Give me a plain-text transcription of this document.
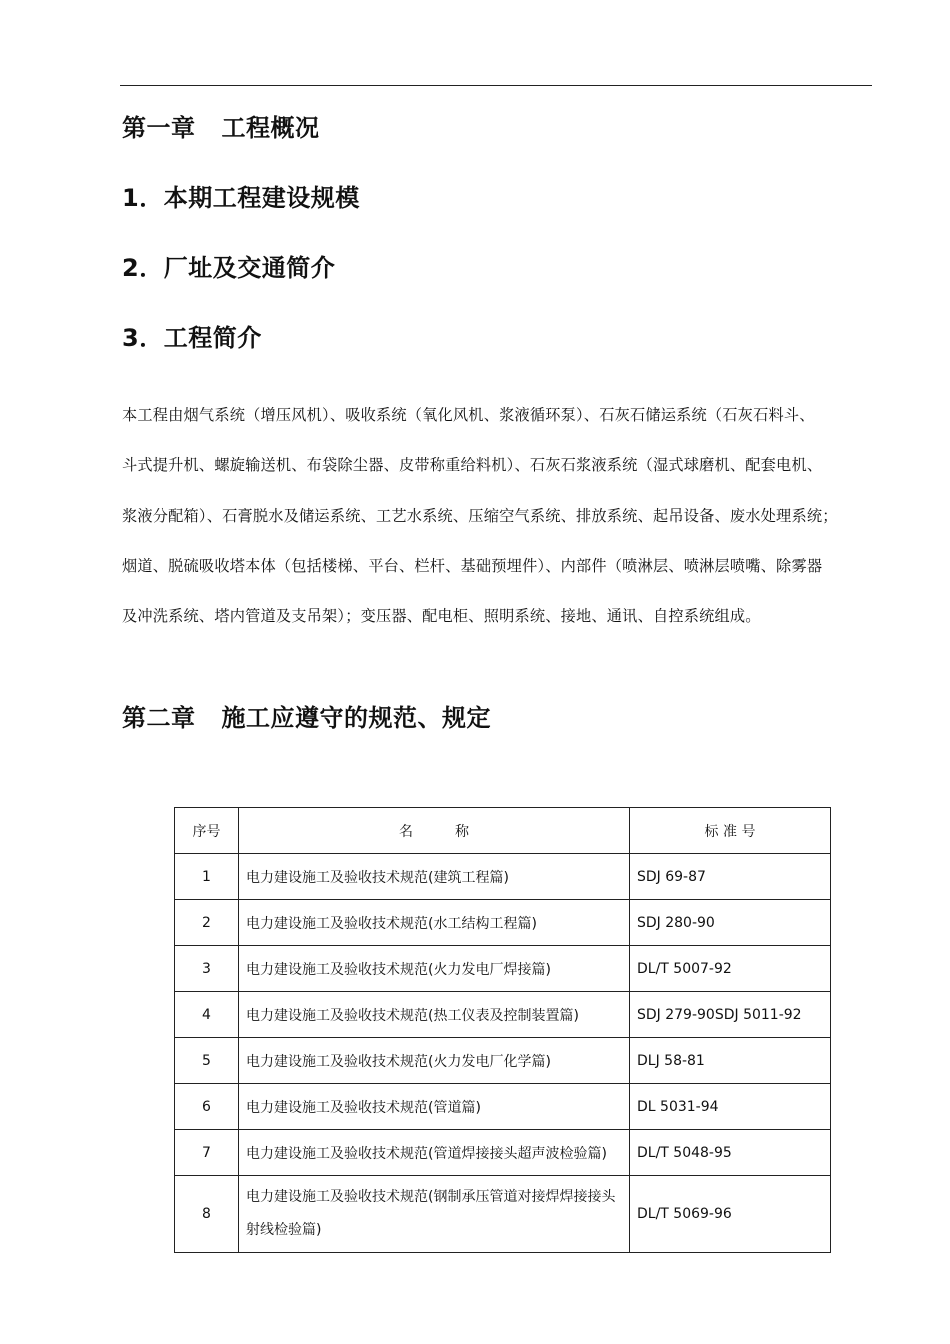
第一章 工程概况
1．本期工程建设规模
2．厂址及交通简介
3．工程简介

本工程由烟气系统（增压风机）、吸收系统（氧化风机、浆液循环泵）、石灰石储运系统（石灰石料斗、

斗式提升机、螺旋输送机、布袋除尘器、皮带称重给料机）、石灰石浆液系统（湿式球磨机、配套电机、

浆液分配箱）、石膏脱水及储运系统、工艺水系统、压缩空气系统、排放系统、起吊设备、废水处理系统；

烟道、脱硫吸收塔本体（包括楼梯、平台、栏杆、基础预埋件）、内部件（喷淋层、喷淋层喷嘴、除雾器

及冲洗系统、塔内管道及支吊架）；变压器、配电柜、照明系统、接地、通讯、自控系统组成。

第二章 施工应遵守的规范、规定
序号	名　　　称	标 准 号
1	电力建设施工及验收技术规范(建筑工程篇)	SDJ 69-87
2	电力建设施工及验收技术规范(水工结构工程篇)	SDJ 280-90
3	电力建设施工及验收技术规范(火力发电厂焊接篇)	DL/T 5007-92
4	电力建设施工及验收技术规范(热工仪表及控制装置篇)	SDJ 279-90SDJ 5011-92
5	电力建设施工及验收技术规范(火力发电厂化学篇)	DLJ 58-81
6	电力建设施工及验收技术规范(管道篇)	DL 5031-94
7	电力建设施工及验收技术规范(管道焊接接头超声波检验篇)	DL/T 5048-95
8	电力建设施工及验收技术规范(钢制承压管道对接焊焊接接头
射线检验篇)	DL/T 5069-96
